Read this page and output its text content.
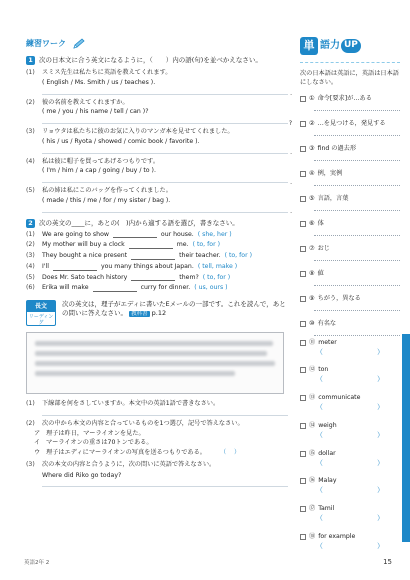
練習ワーク
1 次の日本文に合う英文になるように，（　　）内の語(句)を並べかえなさい。
(1)	スミス先生は私たちに英語を教えてくれます。
( English / Ms. Smith / us / teaches ).
.
(2)	彼の名前を教えてくれますか。
( me / you / his name / tell / can )?
?
(3)	リョウタは私たちに彼のお気に入りのマンガ本を見せてくれました。
( his / us / Ryota / showed / comic book / favorite ).
.
(4)	私は彼に帽子を買ってあげるつもりです。
( I'm / him / a cap / going / buy / to ).
.
(5)	私の姉は私にこのバッグを作ってくれました。
( made / this / me / for / my sister / bag ).
.
2 次の英文の____に，あとの(　)内から適する語を選び，書きなさい。
(1)	We are going to show	our house. ( she, her )
(2)	My mother will buy a clock	me. ( to, for )
(3)	They bought a nice present	their teacher. ( to, for )
(4)	I'll	you many things about Japan. ( tell, make )
(5)	Does Mr. Sato teach history	them? ( to, for )
(6)	Erika will make	curry for dinner. ( us, ours )
長文
リーディング
次の英文は，理子がエディに書いたEメールの一部です。これを読んで，あとの問いに答えなさい。 教科書 p.12
(1)	下線部を何をさしていますか。本文中の英語1語で書きなさい。
(2)	次の中から本文の内容と合っているものを1つ選び，記号で答えなさい。
ア 理子は昨日，マーライオンを見た。
イ マーライオンの重さは70トンである。
ウ 理子はエディにマーライオンの写真を送るつもりである。 （ ）
(3)	次の本文の内容と合うように，次の問いに英語で答えなさい。
Where did Riko go today?
単 語力 UP
次の日本語は英語に，英語は日本語にしなさい。
① 命令[要求]が…ある
② …を見つける，発見する
③ find の過去形
④ 例，実例
⑤ 言語，言葉
⑥ 体
⑦ おじ
⑧ 値
⑨ ちがう，異なる
⑩ 有名な
⑪ meter
（	）
⑫ ton
（	）
⑬ communicate
（	）
⑭ weigh
（	）
⑮ dollar
（	）
⑯ Malay
（	）
⑰ Tamil
（	）
⑱ for example
（	）
英語2年 2	15
